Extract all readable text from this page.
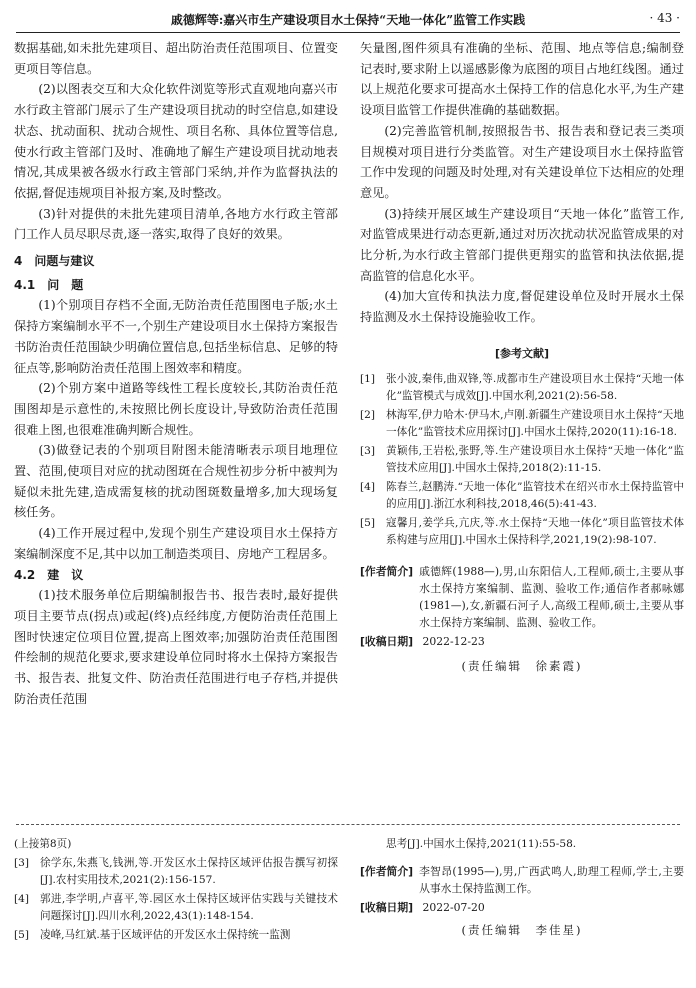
戚德辉等:嘉兴市生产建设项目水土保持“天地一体化”监管工作实践	· 43 ·

数据基础,如未批先建项目、超出防治责任范围项目、位置变更项目等信息。

(2)以图表交互和大众化软件浏览等形式直观地向嘉兴市水行政主管部门展示了生产建设项目扰动的时空信息,如建设状态、扰动面积、扰动合规性、项目名称、具体位置等信息,使水行政主管部门及时、准确地了解生产建设项目扰动地表情况,其成果被各级水行政主管部门采纳,并作为监督执法的依据,督促违规项目补报方案,及时整改。

(3)针对提供的未批先建项目清单,各地方水行政主管部门工作人员尽职尽责,逐一落实,取得了良好的效果。

4　问题与建议
4.1　问　题

(1)个别项目存档不全面,无防治责任范围图电子版;水土保持方案编制水平不一,个别生产建设项目水土保持方案报告书防治责任范围缺少明确位置信息,包括坐标信息、足够的特征点等,影响防治责任范围上图效率和精度。

(2)个别方案中道路等线性工程长度较长,其防治责任范围图却是示意性的,未按照比例长度设计,导致防治责任范围很难上图,也很难准确判断合规性。

(3)做登记表的个别项目附图未能清晰表示项目地理位置、范围,使项目对应的扰动图斑在合规性初步分析中被判为疑似未批先建,造成需复核的扰动图斑数量增多,加大现场复核任务。

(4)工作开展过程中,发现个别生产建设项目水土保持方案编制深度不足,其中以加工制造类项目、房地产工程居多。

4.2　建　议

(1)技术服务单位后期编制报告书、报告表时,最好提供项目主要节点(拐点)或起(终)点经纬度,方便防治责任范围上图时快速定位项目位置,提高上图效率;加强防治责任范围图件绘制的规范化要求,要求建设单位同时将水土保持方案报告书、报告表、批复文件、防治责任范围进行电子存档,并提供防治责任范围

矢量图,图件须具有准确的坐标、范围、地点等信息;编制登记表时,要求附上以遥感影像为底图的项目占地红线图。通过以上规范化要求可提高水土保持工作的信息化水平,为生产建设项目监管工作提供准确的基础数据。

(2)完善监管机制,按照报告书、报告表和登记表三类项目规模对项目进行分类监管。对生产建设项目水土保持监管工作中发现的问题及时处理,对有关建设单位下达相应的处理意见。

(3)持续开展区域生产建设项目“天地一体化”监管工作,对监管成果进行动态更新,通过对历次扰动状况监管成果的对比分析,为水行政主管部门提供更翔实的监管和执法依据,提高监管的信息化水平。

(4)加大宣传和执法力度,督促建设单位及时开展水土保持监测及水土保持设施验收工作。

[参考文献]
[1]	张小波,秦伟,曲双锋,等.成都市生产建设项目水土保持“天地一体化”监管模式与成效[J].中国水利,2021(2):56-58.
[2]	林海军,伊力哈木·伊马木,卢刚.新疆生产建设项目水土保持“天地一体化”监管技术应用探讨[J].中国水土保持,2020(11):16-18.
[3]	黄颖伟,王岩松,张野,等.生产建设项目水土保持“天地一体化”监管技术应用[J].中国水土保持,2018(2):11-15.
[4]	陈春兰,赵鹏涛.“天地一体化”监管技术在绍兴市水土保持监管中的应用[J].浙江水利科技,2018,46(5):41-43.
[5]	寇馨月,姜学兵,亢庆,等.水土保持“天地一体化”项目监管技术体系构建与应用[J].中国水土保持科学,2021,19(2):98-107.
[作者简介] 戚德辉(1988—),男,山东阳信人,工程师,硕士,主要从事水土保持方案编制、监测、验收工作;通信作者郝咏娜(1981—),女,新疆石河子人,高级工程师,硕士,主要从事水土保持方案编制、监测、验收工作。
[收稿日期] 2022-12-23
(责任编辑　徐素霞)
(上接第8页)
[3]	徐学东,朱燕飞,钱洲,等.开发区水土保持区域评估报告撰写初探[J].农村实用技术,2021(2):156-157.
[4]	郭进,李学明,卢喜平,等.园区水土保持区域评估实践与关键技术问题探讨[J].四川水利,2022,43(1):148-154.
[5]	凌峰,马红斌.基于区域评估的开发区水土保持统一监测
思考[J].中国水土保持,2021(11):55-58.
[作者简介] 李智昂(1995—),男,广西武鸣人,助理工程师,学士,主要从事水土保持监测工作。
[收稿日期] 2022-07-20
(责任编辑　李佳星)
